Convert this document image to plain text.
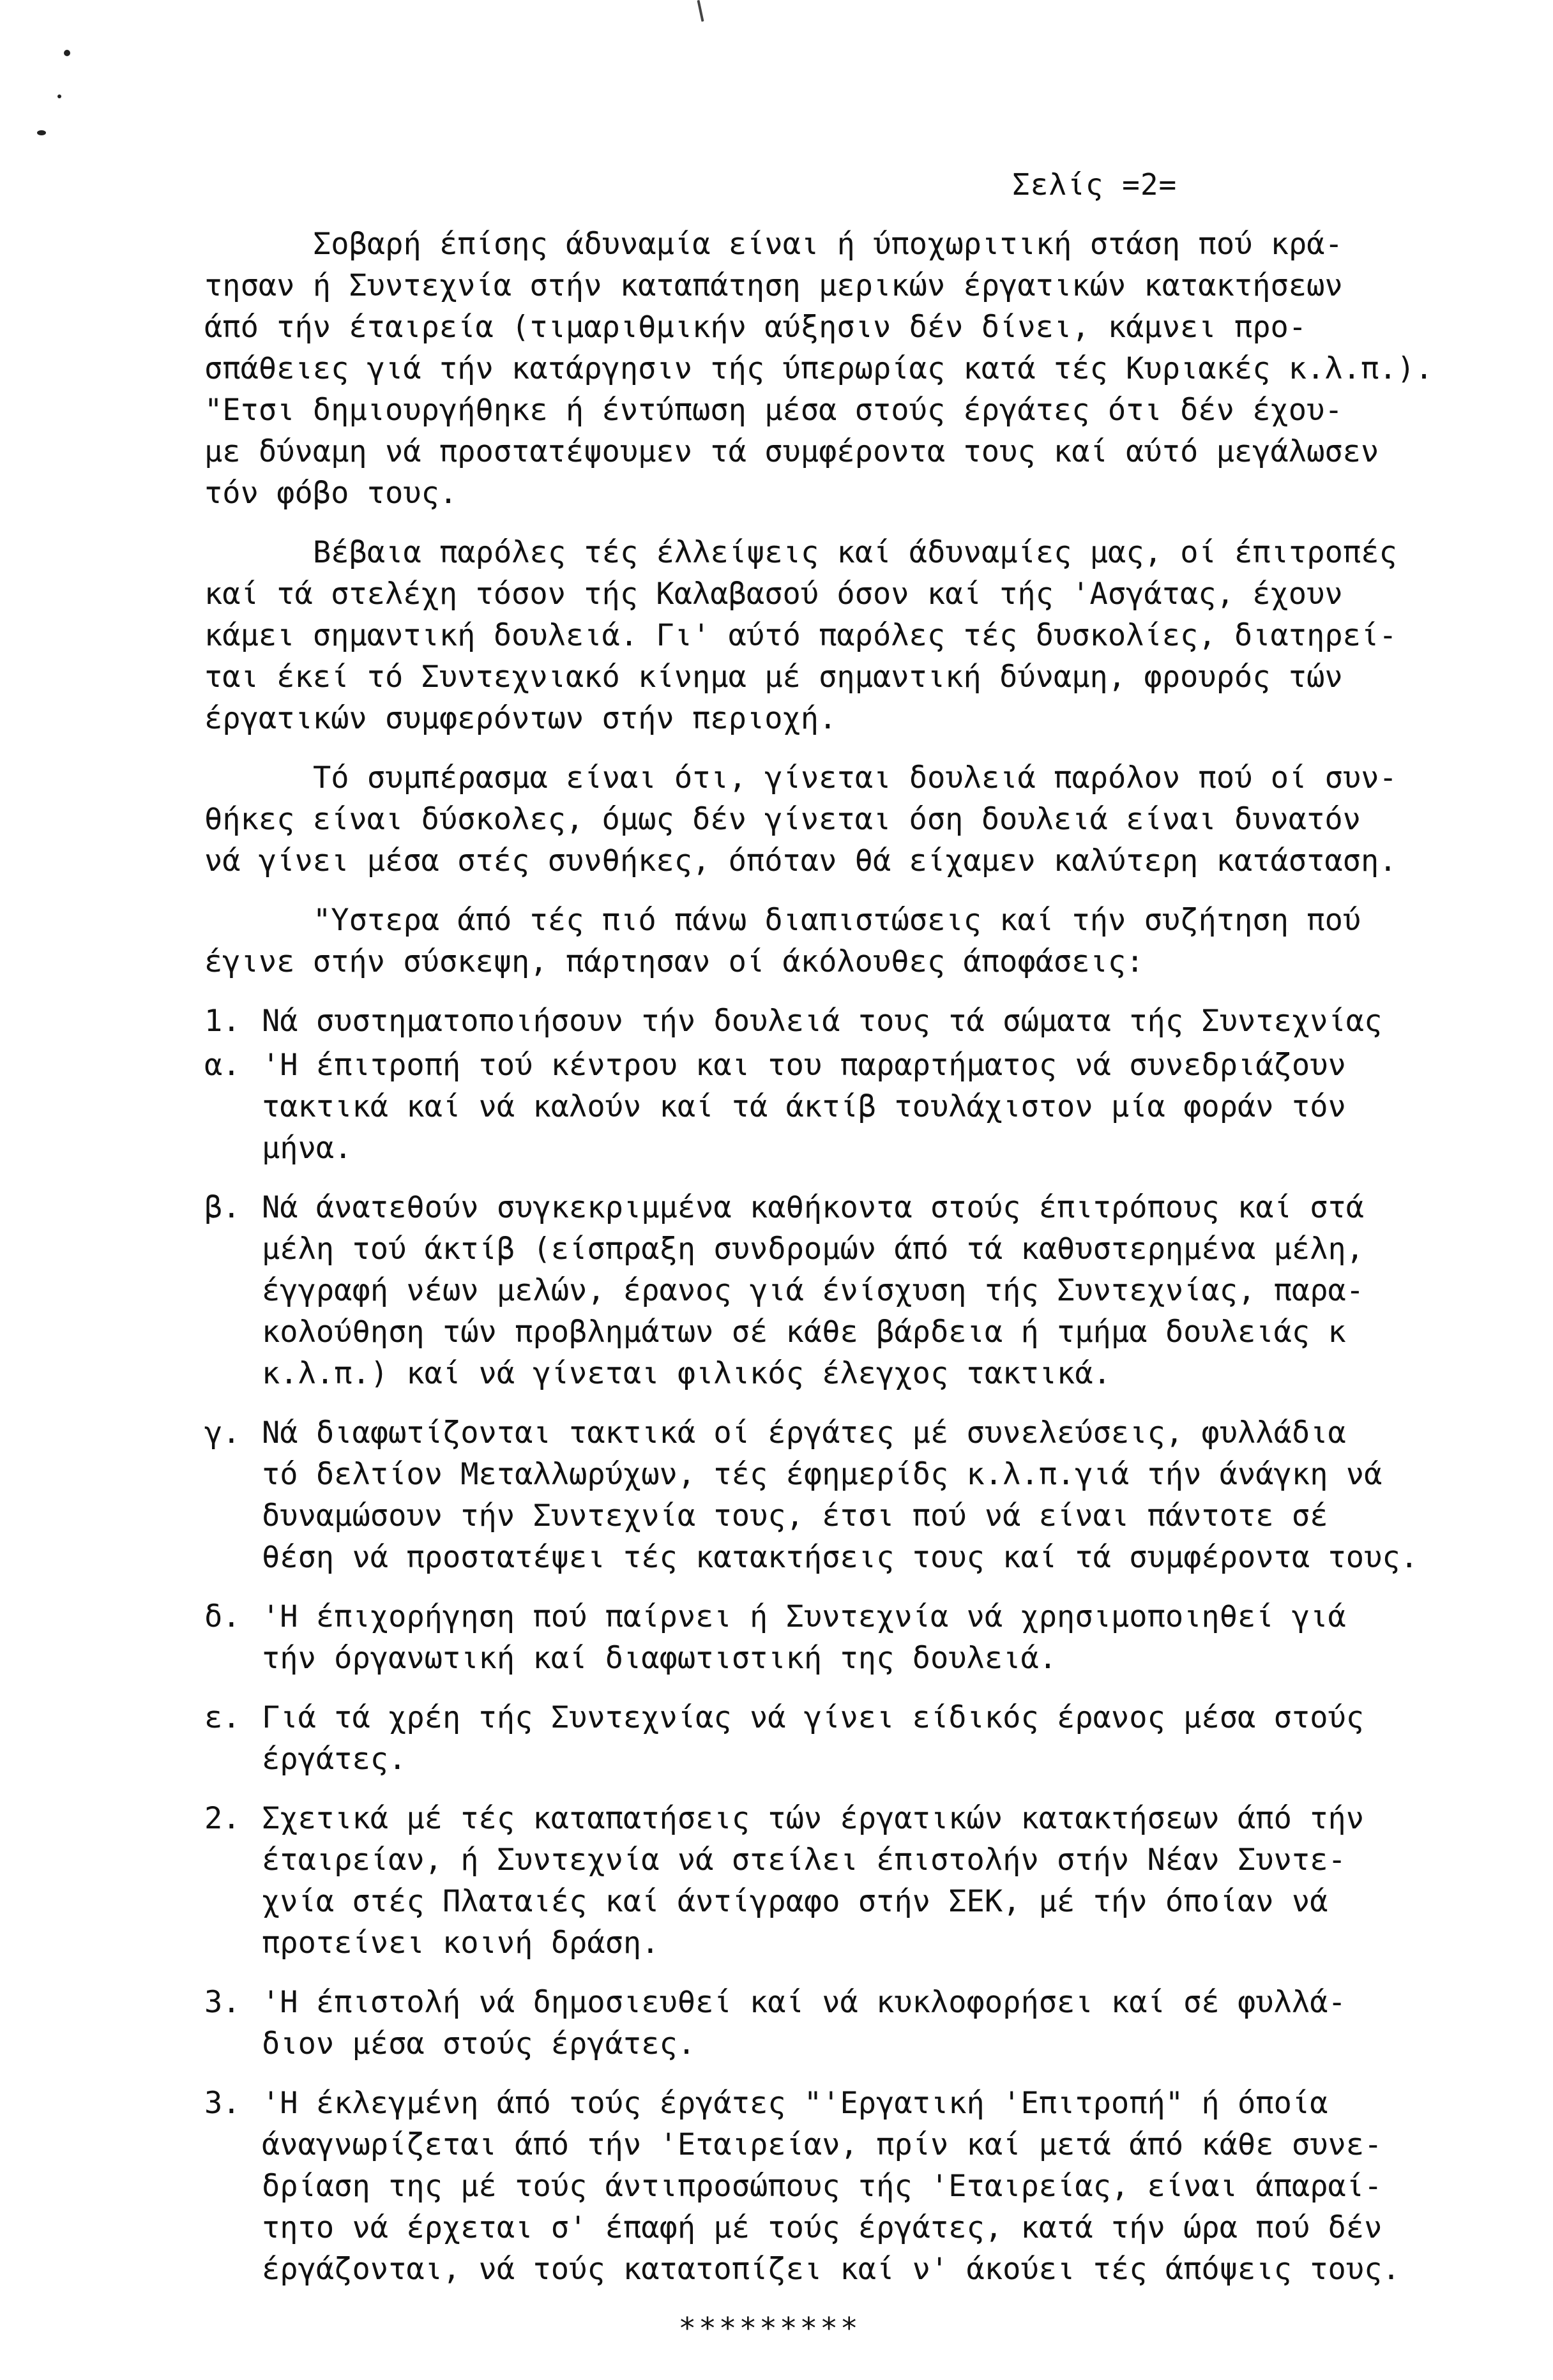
Σελίς =2=

Σοβαρή έπίσης άδυναμία είναι ή ύποχωριτική στάση πού κρά-
τησαν ή Συντεχνία στήν καταπάτηση μερικών έργατικών κατακτήσεων
άπό τήν έταιρεία (τιμαριθμικήν αύξησιν δέν δίνει, κάμνει προ-
σπάθειες γιά τήν κατάργησιν τής ύπερωρίας κατά τές Κυριακές κ.λ.π.).
"Ετσι δημιουργήθηκε ή έντύπωση μέσα στούς έργάτες ότι δέν έχου-
με δύναμη νά προστατέψουμεν τά συμφέροντα τους καί αύτό μεγάλωσεν
τόν φόβο τους.

Βέβαια παρόλες τές έλλείψεις καί άδυναμίες μας, οί έπιτροπές
καί τά στελέχη τόσον τής Καλαβασού όσον καί τής 'Ασγάτας, έχουν
κάμει σημαντική δουλειά. Γι' αύτό παρόλες τές δυσκολίες, διατηρεί-
ται έκεί τό Συντεχνιακό κίνημα μέ σημαντική δύναμη, φρουρός τών
έργατικών συμφερόντων στήν περιοχή.

Τό συμπέρασμα είναι ότι, γίνεται δουλειά παρόλον πού οί συν-
θήκες είναι δύσκολες, όμως δέν γίνεται όση δουλειά είναι δυνατόν
νά γίνει μέσα στές συνθήκες, όπόταν θά είχαμεν καλύτερη κατάσταση.

"Υστερα άπό τές πιό πάνω διαπιστώσεις καί τήν συζήτηση πού
έγινε στήν σύσκεψη, πάρτησαν οί άκόλουθες άποφάσεις:

1. Νά συστηματοποιήσουν τήν δουλειά τους τά σώματα τής Συντεχνίας
α. 'Η έπιτροπή τού κέντρου και του παραρτήματος νά συνεδριάζουν
τακτικά καί νά καλούν καί τά άκτίβ τουλάχιστον μία φοράν τόν
μήνα.
β. Νά άνατεθούν συγκεκριμμένα καθήκοντα στούς έπιτρόπους καί στά
μέλη τού άκτίβ (είσπραξη συνδρομών άπό τά καθυστερημένα μέλη,
έγγραφή νέων μελών, έρανος γιά ένίσχυση τής Συντεχνίας, παρα-
κολούθηση τών προβλημάτων σέ κάθε βάρδεια ή τμήμα δουλειάς κ
κ.λ.π.) καί νά γίνεται φιλικός έλεγχος τακτικά.
γ. Νά διαφωτίζονται τακτικά οί έργάτες μέ συνελεύσεις, φυλλάδια
τό δελτίον Μεταλλωρύχων, τές έφημερίδς κ.λ.π.γιά τήν άνάγκη νά
δυναμώσουν τήν Συντεχνία τους, έτσι πού νά είναι πάντοτε σέ
θέση νά προστατέψει τές κατακτήσεις τους καί τά συμφέροντα τους.
δ. 'Η έπιχορήγηση πού παίρνει ή Συντεχνία νά χρησιμοποιηθεί γιά
τήν όργανωτική καί διαφωτιστική της δουλειά.
ε. Γιά τά χρέη τής Συντεχνίας νά γίνει είδικός έρανος μέσα στούς
έργάτες.
2. Σχετικά μέ τές καταπατήσεις τών έργατικών κατακτήσεων άπό τήν
έταιρείαν, ή Συντεχνία νά στείλει έπιστολήν στήν Νέαν Συντε-
χνία στές Πλαταιές καί άντίγραφο στήν ΣΕΚ, μέ τήν όποίαν νά
προτείνει κοινή δράση.
3. 'Η έπιστολή νά δημοσιευθεί καί νά κυκλοφορήσει καί σέ φυλλά-
διον μέσα στούς έργάτες.
3. 'Η έκλεγμένη άπό τούς έργάτες "'Εργατική 'Επιτροπή" ή όποία
άναγνωρίζεται άπό τήν 'Εταιρείαν, πρίν καί μετά άπό κάθε συνε-
δρίαση της μέ τούς άντιπροσώπους τής 'Εταιρείας, είναι άπαραί-
τητο νά έρχεται σ' έπαφή μέ τούς έργάτες, κατά τήν ώρα πού δέν
έργάζονται, νά τούς κατατοπίζει καί ν' άκούει τές άπόψεις τους.
*********
